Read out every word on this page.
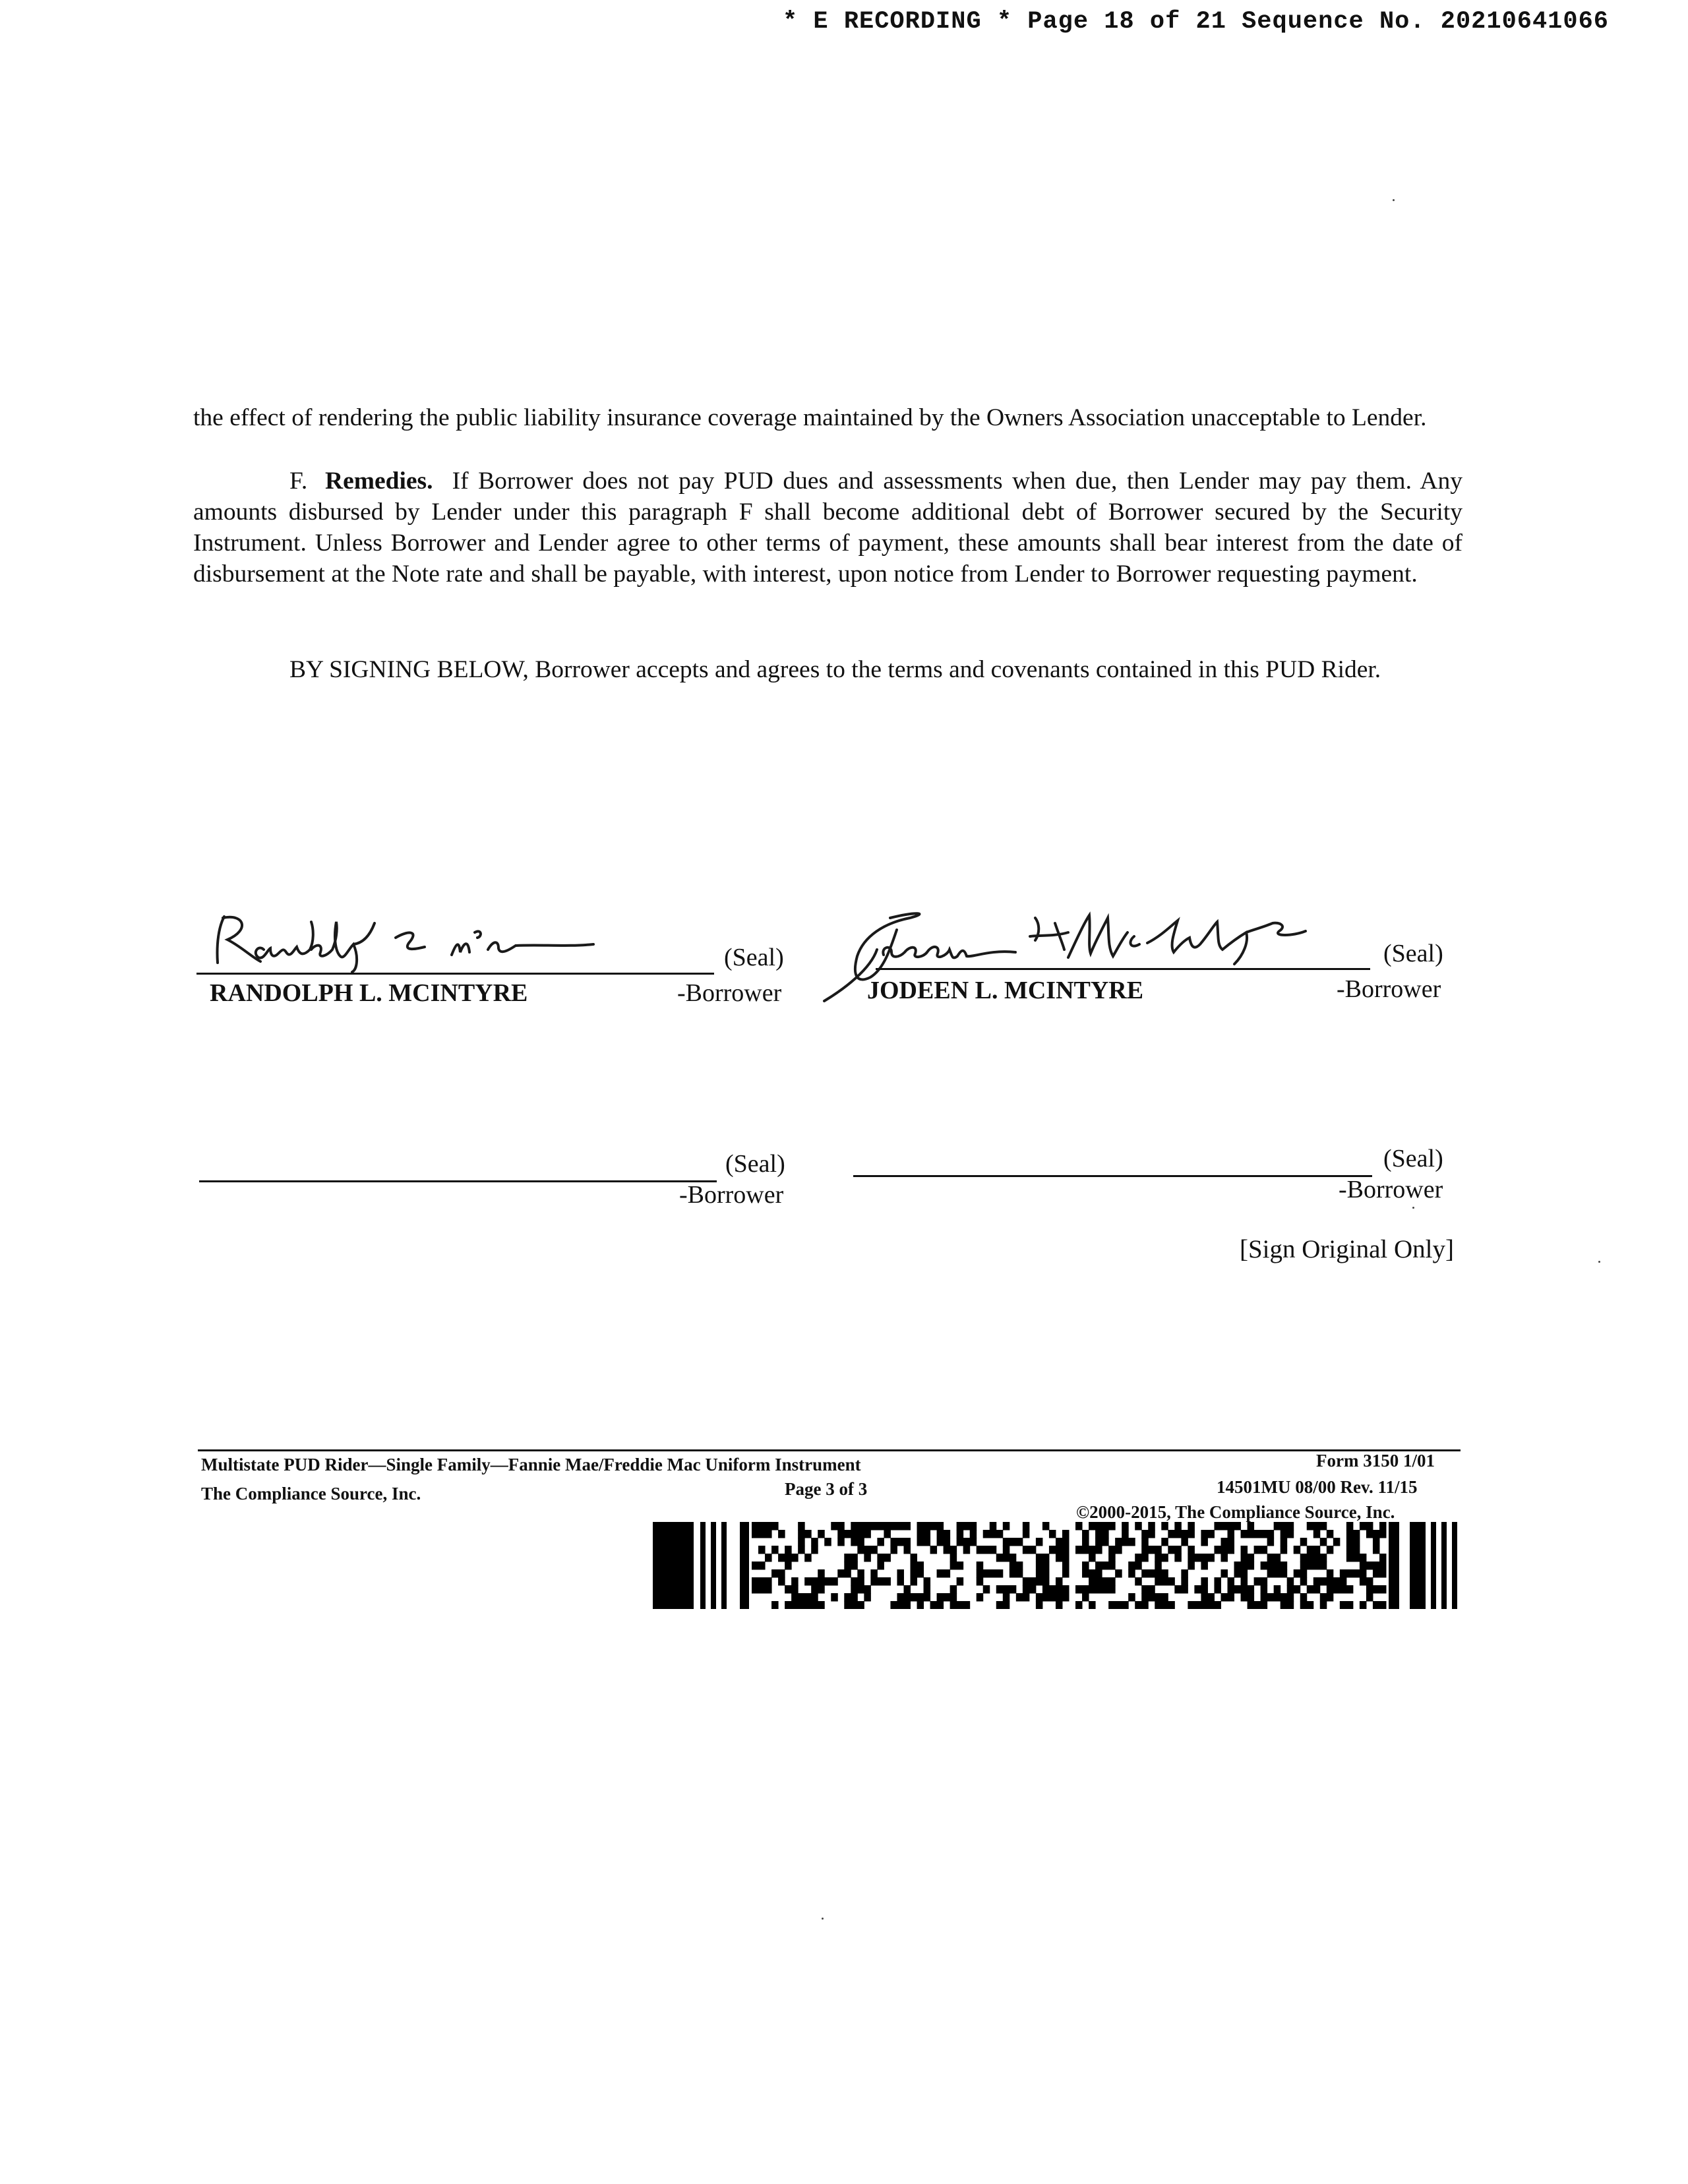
* E RECORDING * Page 18 of 21 Sequence No. 20210641066
the effect of rendering the public liability insurance coverage maintained by the Owners Association unacceptable to Lender.
F. Remedies. If Borrower does not pay PUD dues and assessments when due, then Lender may pay them. Any amounts disbursed by Lender under this paragraph F shall become additional debt of Borrower secured by the Security Instrument. Unless Borrower and Lender agree to other terms of payment, these amounts shall bear interest from the date of disbursement at the Note rate and shall be payable, with interest, upon notice from Lender to Borrower requesting payment.
BY SIGNING BELOW, Borrower accepts and agrees to the terms and covenants contained in this PUD Rider.
(Seal)
RANDOLPH L. MCINTYRE	-Borrower
(Seal)
JODEEN L. MCINTYRE	-Borrower
(Seal)
-Borrower
(Seal)
-Borrower
[Sign Original Only]
Multistate PUD Rider—Single Family—Fannie Mae/Freddie Mac Uniform Instrument
The Compliance Source, Inc.	Page 3 of 3
Form 3150 1/01
14501MU 08/00 Rev. 11/15
©2000-2015, The Compliance Source, Inc.
